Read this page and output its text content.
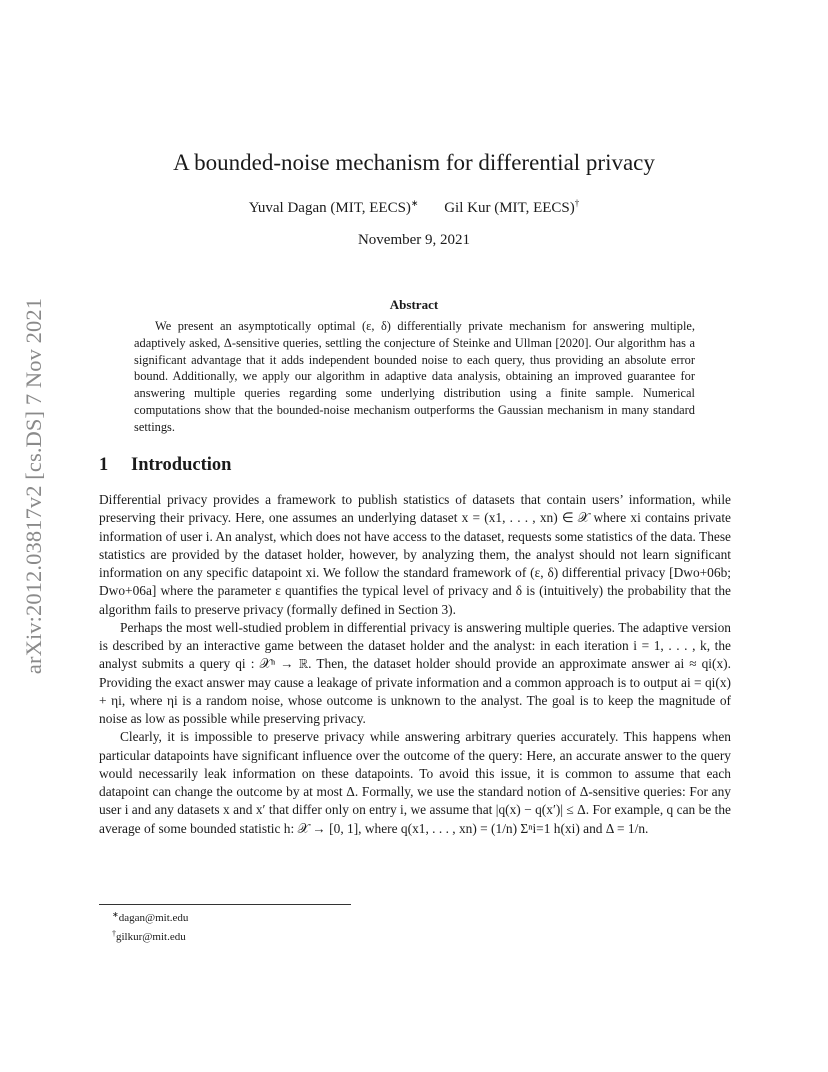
arXiv:2012.03817v2 [cs.DS] 7 Nov 2021
A bounded-noise mechanism for differential privacy
Yuval Dagan (MIT, EECS)∗ Gil Kur (MIT, EECS)†
November 9, 2021
Abstract
We present an asymptotically optimal (ε, δ) differentially private mechanism for answering multiple, adaptively asked, Δ-sensitive queries, settling the conjecture of Steinke and Ullman [2020]. Our algorithm has a significant advantage that it adds independent bounded noise to each query, thus providing an absolute error bound. Additionally, we apply our algorithm in adaptive data analysis, obtaining an improved guarantee for answering multiple queries regarding some underlying distribution using a finite sample. Numerical computations show that the bounded-noise mechanism outperforms the Gaussian mechanism in many standard settings.
1 Introduction

Differential privacy provides a framework to publish statistics of datasets that contain users’ information, while preserving their privacy. Here, one assumes an underlying dataset x = (x1, . . . , xn) ∈ 𝒳 where xi contains private information of user i. An analyst, which does not have access to the dataset, requests some statistics of the data. These statistics are provided by the dataset holder, however, by analyzing them, the analyst should not learn significant information on any specific datapoint xi. We follow the standard framework of (ε, δ) differential privacy [Dwo+06b; Dwo+06a] where the parameter ε quantifies the typical level of privacy and δ is (intuitively) the probability that the algorithm fails to preserve privacy (formally defined in Section 3).

Perhaps the most well-studied problem in differential privacy is answering multiple queries. The adaptive version is described by an interactive game between the dataset holder and the analyst: in each iteration i = 1, . . . , k, the analyst submits a query qi : 𝒳ⁿ → ℝ. Then, the dataset holder should provide an approximate answer ai ≈ qi(x). Providing the exact answer may cause a leakage of private information and a common approach is to output ai = qi(x) + ηi, where ηi is a random noise, whose outcome is unknown to the analyst. The goal is to keep the magnitude of noise as low as possible while preserving privacy.

Clearly, it is impossible to preserve privacy while answering arbitrary queries accurately. This happens when particular datapoints have significant influence over the outcome of the query: Here, an accurate answer to the query would necessarily leak information on these datapoints. To avoid this issue, it is common to assume that each datapoint can change the outcome by at most Δ. Formally, we use the standard notion of Δ-sensitive queries: For any user i and any datasets x and x′ that differ only on entry i, we assume that |q(x) − q(x′)| ≤ Δ. For example, q can be the average of some bounded statistic h: 𝒳 → [0, 1], where q(x1, . . . , xn) = (1/n) Σⁿi=1 h(xi) and Δ = 1/n.

∗dagan@mit.edu
†gilkur@mit.edu
